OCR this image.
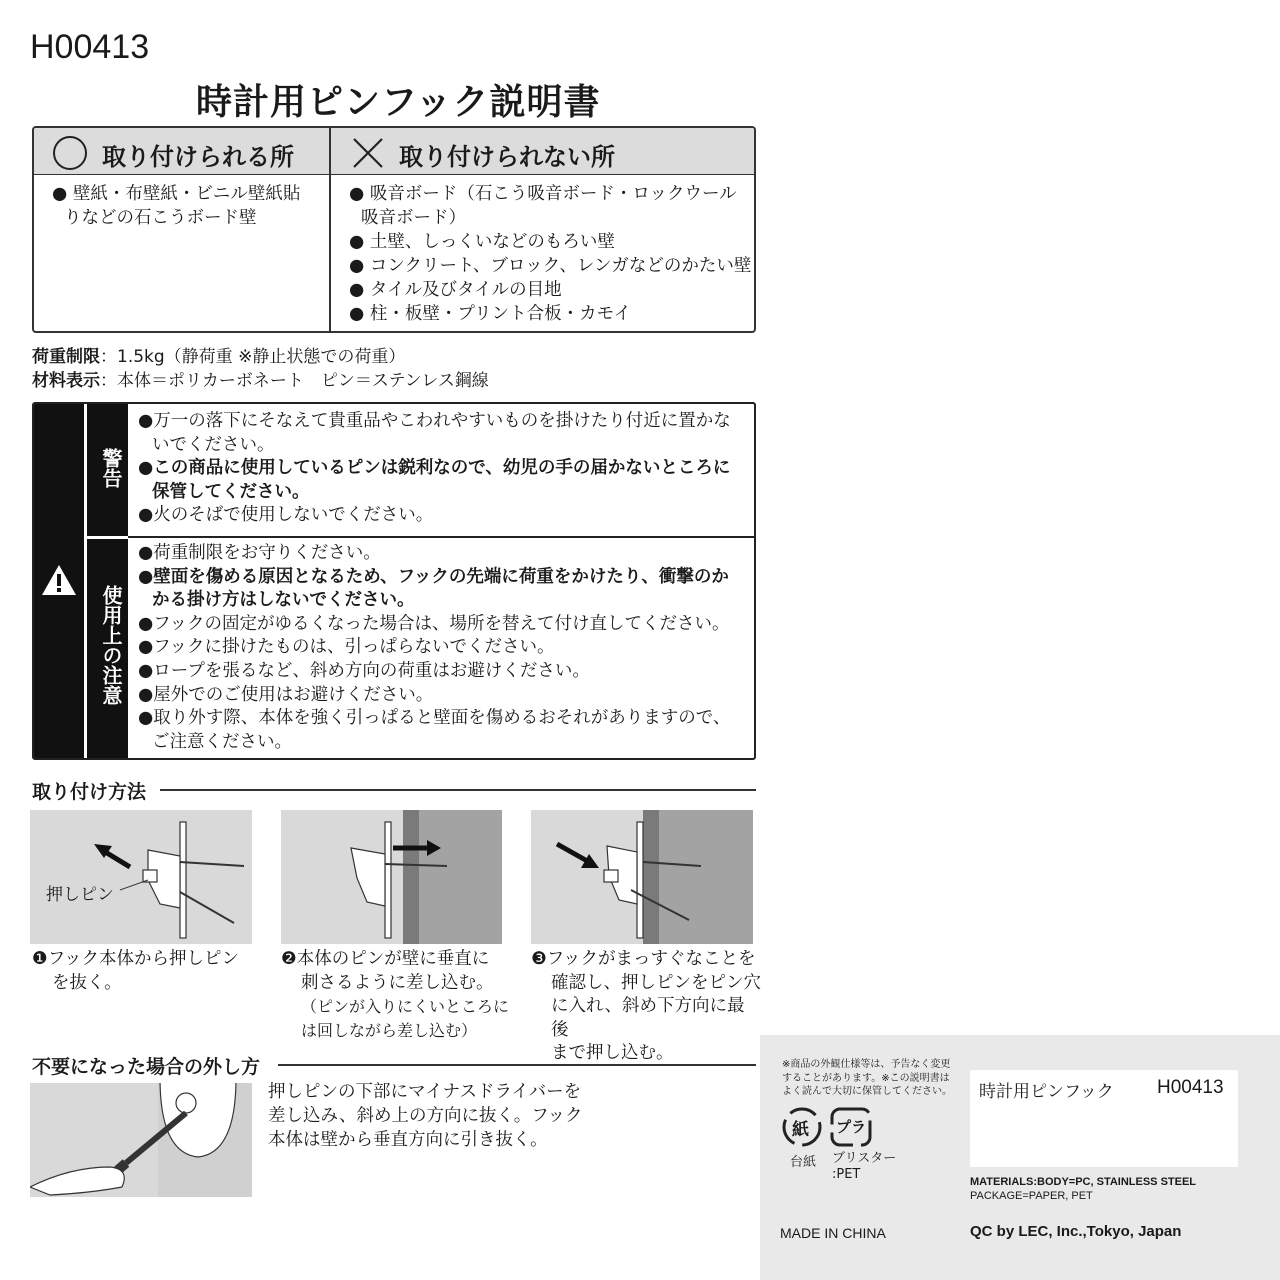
H00413
時計用ピンフック説明書
取り付けられる所
● 壁紙・布壁紙・ビニル壁紙貼りなどの石こうボード壁
取り付けられない所
● 吸音ボード（石こう吸音ボード・ロックウール吸音ボード）
● 土壁、しっくいなどのもろい壁
● コンクリート、ブロック、レンガなどのかたい壁
● タイル及びタイルの目地
● 柱・板壁・プリント合板・カモイ
荷重制限：1.5kg（静荷重 ※静止状態での荷重）
材料表示：本体＝ポリカーボネート　ピン＝ステンレス鋼線
警告
使用上の注意
●万一の落下にそなえて貴重品やこわれやすいものを掛けたり付近に置かないでください。
●この商品に使用しているピンは鋭利なので、幼児の手の届かないところに保管してください。
●火のそばで使用しないでください。
●荷重制限をお守りください。
●壁面を傷める原因となるため、フックの先端に荷重をかけたり、衝撃のかかる掛け方はしないでください。
●フックの固定がゆるくなった場合は、場所を替えて付け直してください。
●フックに掛けたものは、引っぱらないでください。
●ロープを張るなど、斜め方向の荷重はお避けください。
●屋外でのご使用はお避けください。
●取り外す際、本体を強く引っぱると壁面を傷めるおそれがありますので、ご注意ください。
取り付け方法
押しピン
❶フック本体から押しピン
を抜く。
❷本体のピンが壁に垂直に
刺さるように差し込む。
（ピンが入りにくいところに
は回しながら差し込む）
❸フックがまっすぐなことを
確認し、押しピンをピン穴
に入れ、斜め下方向に最後
まで押し込む。
不要になった場合の外し方
押しピンの下部にマイナスドライバーを
差し込み、斜め上の方向に抜く。フック
本体は壁から垂直方向に引き抜く。
※商品の外観仕様等は、予告なく変更
することがあります。※この説明書は
よく読んで大切に保管してください。
紙 プラ
台紙 ブリスター
:PET
時計用ピンフック H00413
MATERIALS:BODY=PC, STAINLESS STEEL
PACKAGE=PAPER, PET
MADE IN CHINA	QC by LEC, Inc.,Tokyo, Japan
